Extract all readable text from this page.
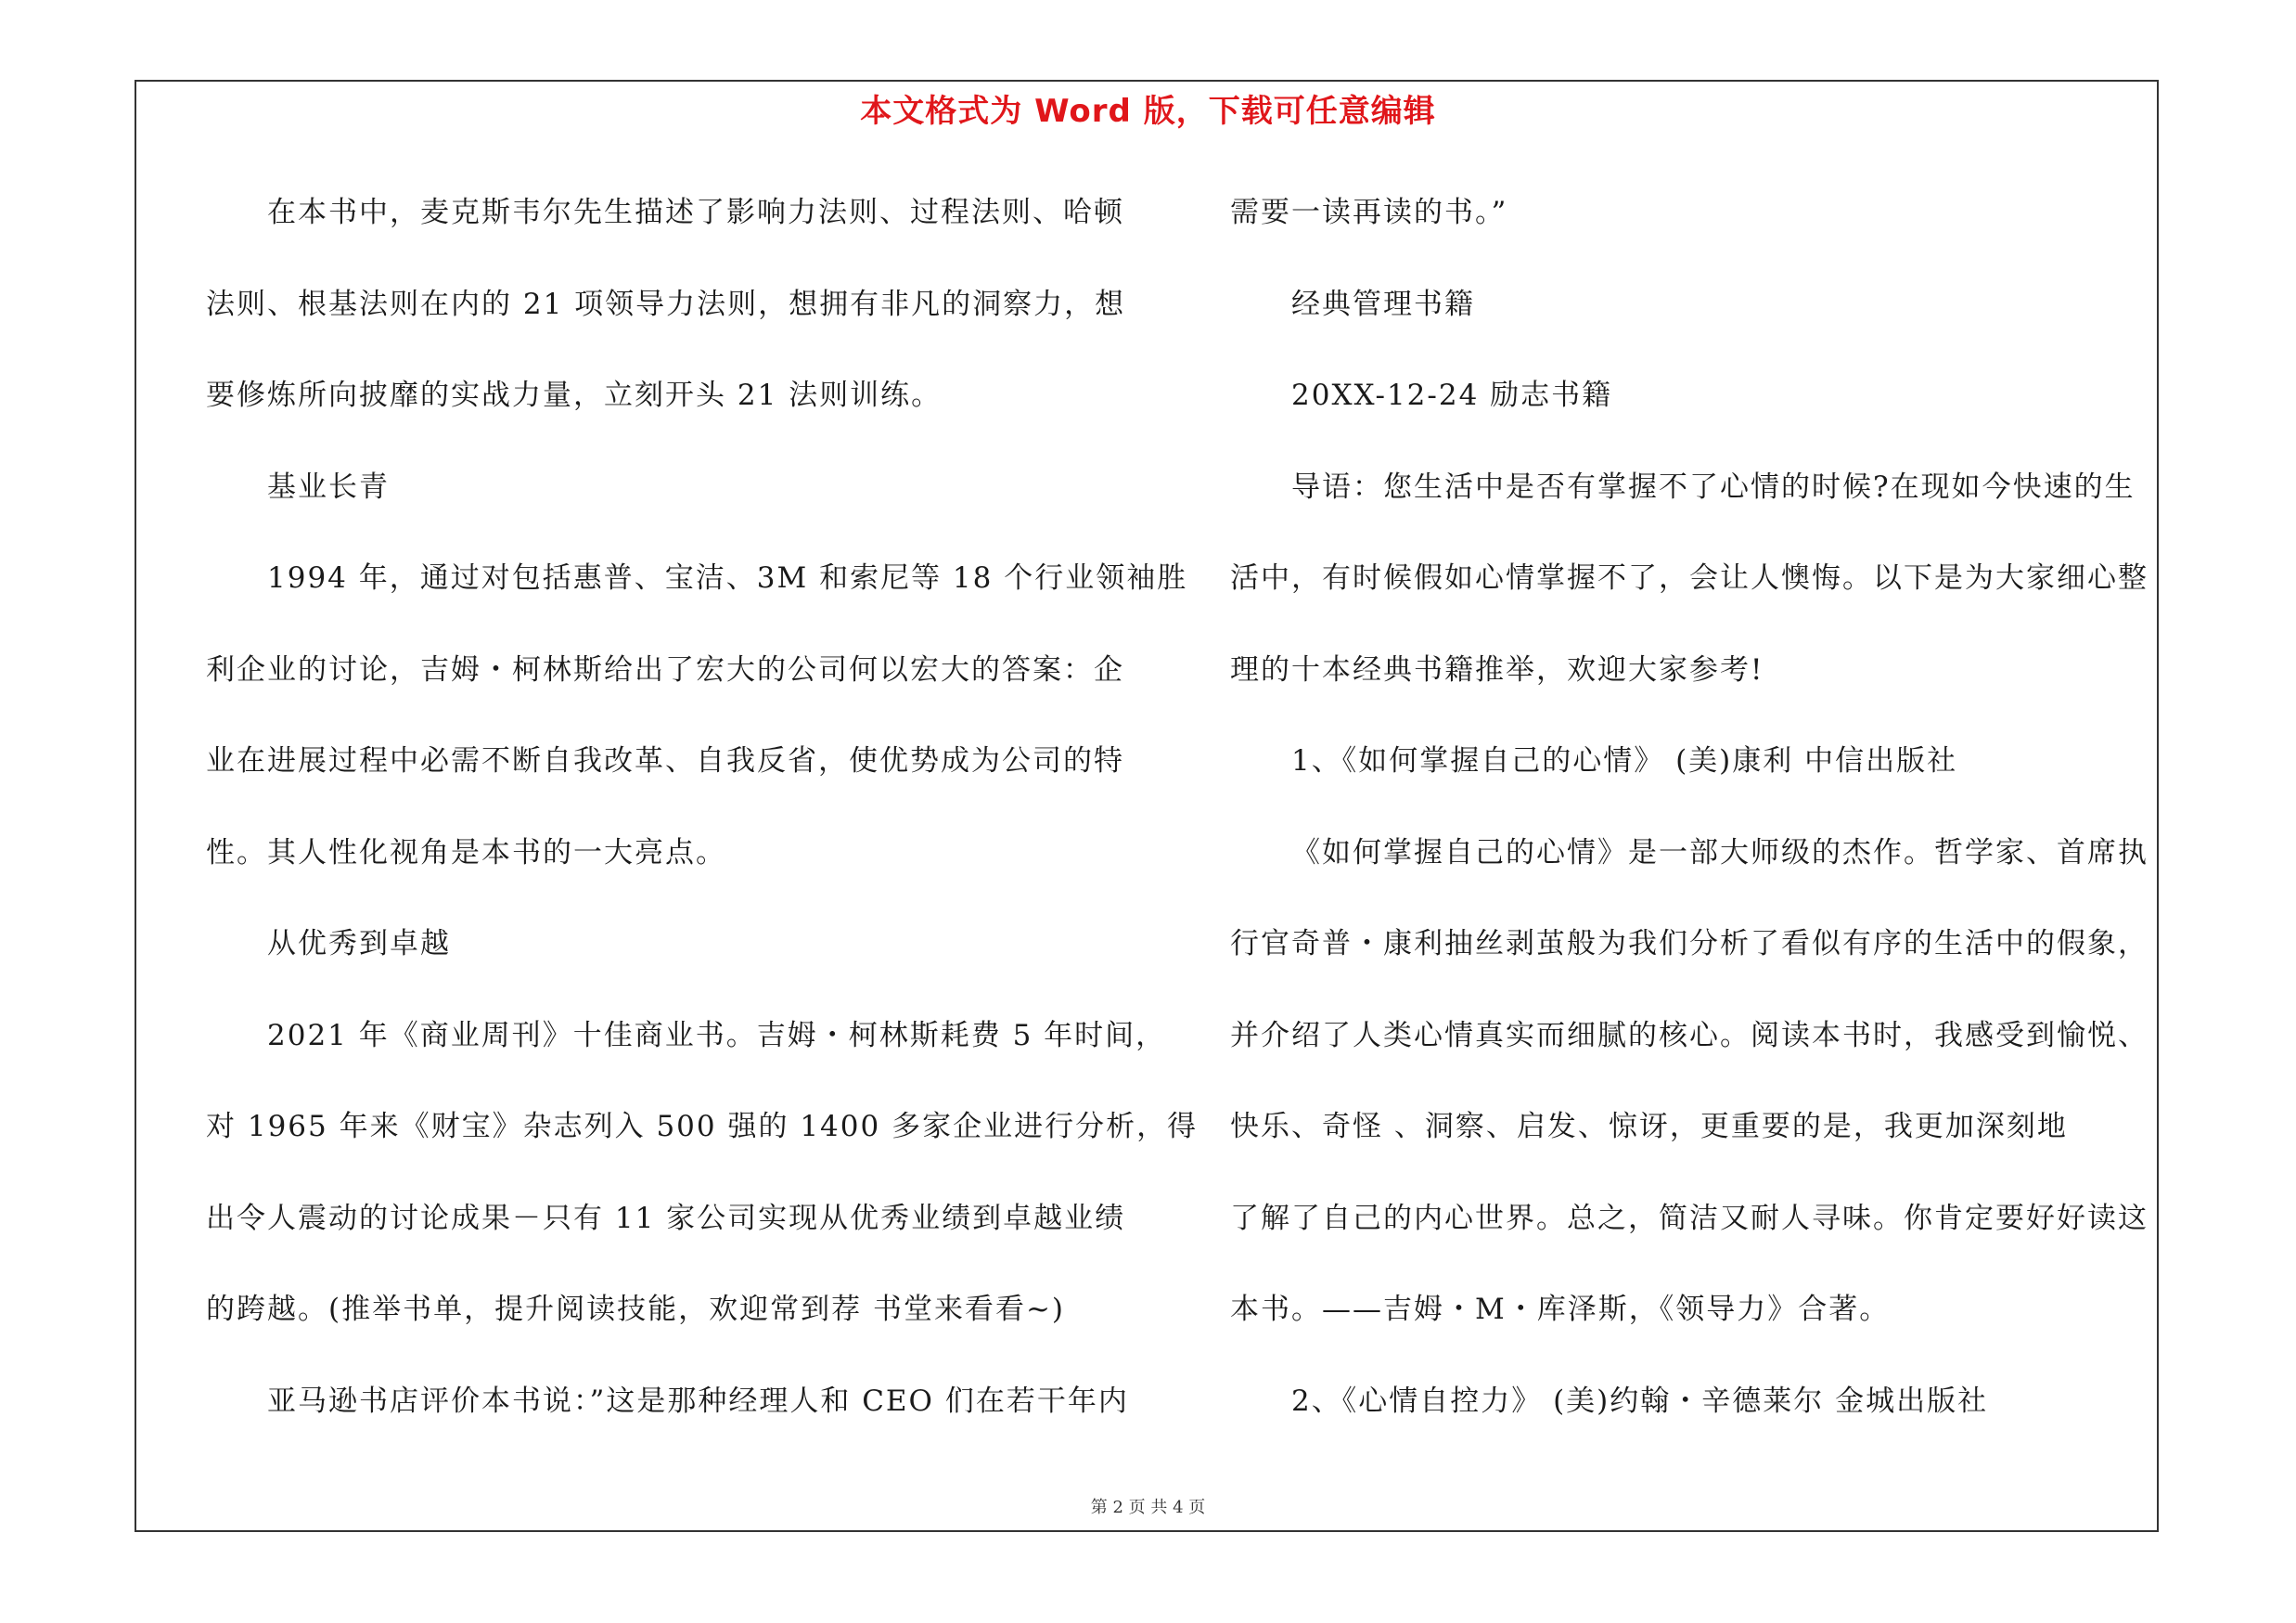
本文格式为 Word 版，下载可任意编辑
在本书中，麦克斯韦尔先生描述了影响力法则、过程法则、哈顿
法则、根基法则在内的 21 项领导力法则，想拥有非凡的洞察力，想
要修炼所向披靡的实战力量，立刻开头 21 法则训练。
基业长青
1994 年，通过对包括惠普、宝洁、3M 和索尼等 18 个行业领袖胜
利企业的讨论，吉姆・柯林斯给出了宏大的公司何以宏大的答案：企
业在进展过程中必需不断自我改革、自我反省，使优势成为公司的特
性。其人性化视角是本书的一大亮点。
从优秀到卓越
2021 年《商业周刊》十佳商业书。吉姆・柯林斯耗费 5 年时间，
对 1965 年来《财宝》杂志列入 500 强的 1400 多家企业进行分析，得
出令人震动的讨论成果－只有 11 家公司实现从优秀业绩到卓越业绩
的跨越。(推举书单，提升阅读技能，欢迎常到荐 书堂来看看~)
亚马逊书店评价本书说：”这是那种经理人和 CEO 们在若干年内
需要一读再读的书。”
经典管理书籍
20XX-12-24 励志书籍
导语：您生活中是否有掌握不了心情的时候?在现如今快速的生
活中，有时候假如心情掌握不了，会让人懊悔。以下是为大家细心整
理的十本经典书籍推举，欢迎大家参考!
1、《如何掌握自己的心情》 (美)康利 中信出版社
《如何掌握自己的心情》是一部大师级的杰作。哲学家、首席执
行官奇普・康利抽丝剥茧般为我们分析了看似有序的生活中的假象，
并介绍了人类心情真实而细腻的核心。阅读本书时，我感受到愉悦、
快乐、奇怪 、洞察、启发、惊讶，更重要的是，我更加深刻地
了解了自己的内心世界。总之，简洁又耐人寻味。你肯定要好好读这
本书。——吉姆・M・库泽斯，《领导力》合著。
2、《心情自控力》 (美)约翰・辛德莱尔 金城出版社
第 2 页 共 4 页
